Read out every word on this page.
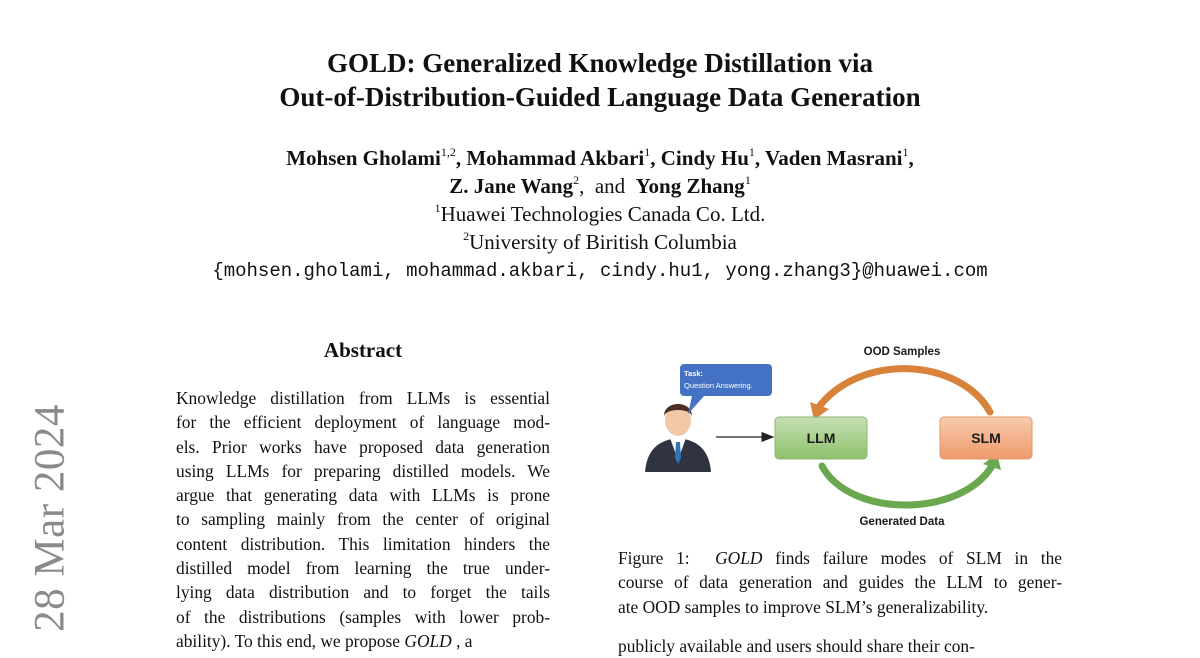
GOLD: Generalized Knowledge Distillation via
Out-of-Distribution-Guided Language Data Generation
Mohsen Gholami$^{1,2}$, Mohammad Akbari$^1$, Cindy Hu$^1$, Vaden Masrani$^1$,
Z. Jane Wang$^2$,  and Yong Zhang$^1$
$^1$Huawei Technologies Canada Co. Ltd.
$^2$University of Biritish Columbia
{mohsen.gholami, mohammad.akbari, cindy.hu1, yong.zhang3}@huawei.com
28 Mar 2024
Abstract
Knowledge distillation from LLMs is essential
for the efficient deployment of language mod-
els. Prior works have proposed data generation
using LLMs for preparing distilled models. We
argue that generating data with LLMs is prone
to sampling mainly from the center of original
content distribution. This limitation hinders the
distilled model from learning the true under-
lying data distribution and to forget the tails
of the distributions (samples with lower prob-
ability). To this end, we propose GOLD , a
Task:
Question Answering.
LLM	SLM
OOD Samples
Generated Data
Figure 1: GOLD finds failure modes of SLM in the
course of data generation and guides the LLM to gener-
ate OOD samples to improve SLM’s generalizability.
publicly available and users should share their con-
